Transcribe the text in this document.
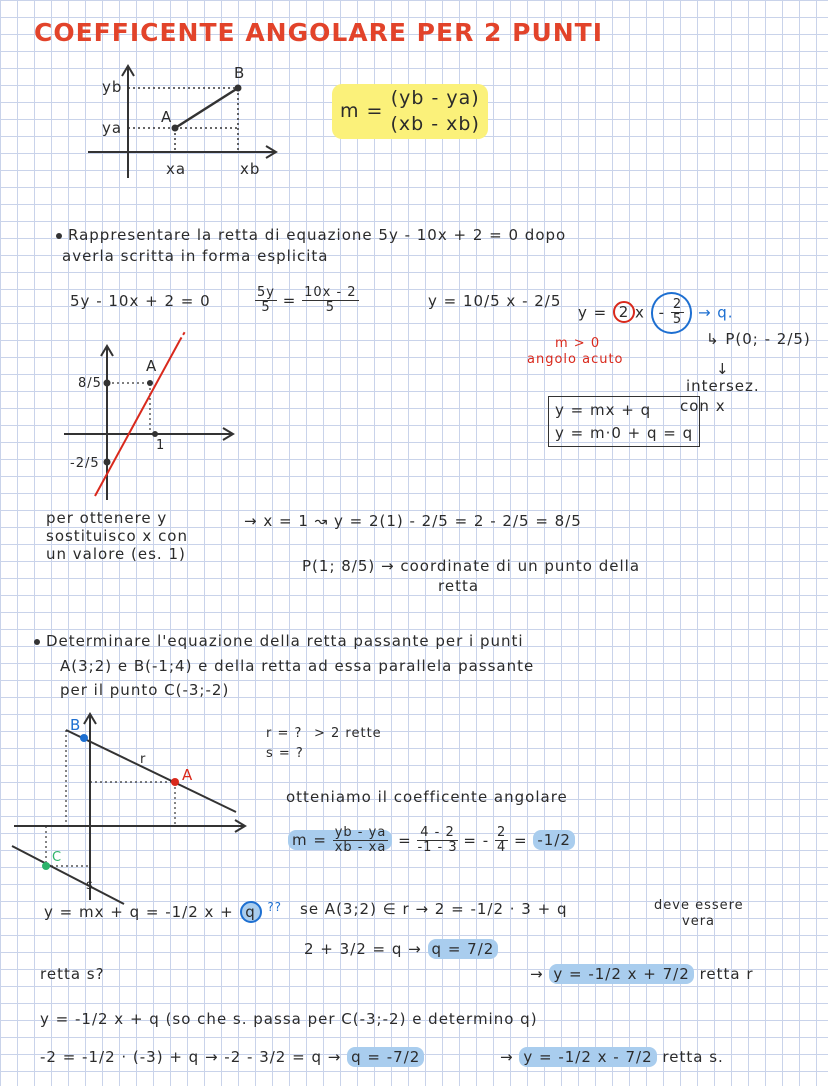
COEFFICENTE ANGOLARE PER 2 PUNTI
yb
ya
xa	xb
A
B
m =
(yb - ya)
(xb - xb)
Rappresentare la retta di equazione 5y - 10x + 2 = 0 dopo
averla scritta in forma esplicita
5y - 10x + 2 = 0	$\frac{5y}{5} = \frac{10x - 2}{5}$	y = 10/5 x - 2/5
y = 2 $x - \frac{2}{5} \to q$.
m > 0
angolo acuto
↳ P(0; - 2/5)
↓
intersez.
con x
y = mx + q
y = m·0 + q = q
8/5
-2/5
1
A
per ottenere y
sostituisco x con
un valore (es. 1)
→ x = 1 ↝ y = 2(1) - 2/5 = 2 - 2/5 = 8/5
P(1; 8/5) → coordinate di un punto della
retta
Determinare l'equazione della retta passante per i punti
A(3;2) e B(-1;4) e della retta ad essa parallela passante
per il punto C(-3;-2)
r = ?
s = ?
> 2 rette
B
r
A
C
s
otteniamo il coefficente angolare
$m = \frac{yb - ya}{xb - xa} = \frac{4 - 2}{-1 - 3}$ = - $\frac{2}{4} = -1/2$
y = mx + q = -1/2 x + q ?? se A(3;2) ∈ r → 2 = -1/2 · 3 + q	deve essere
vera
2 + 3/2 = q → q = 7/2
retta s?	→ y = -1/2 x + 7/2 retta r
y = -1/2 x + q (so che s. passa per C(-3;-2) e determino q)
-2 = -1/2 · (-3) + q → -2 - 3/2 = q → q = -7/2	→ y = -1/2 x - 7/2 retta s.
